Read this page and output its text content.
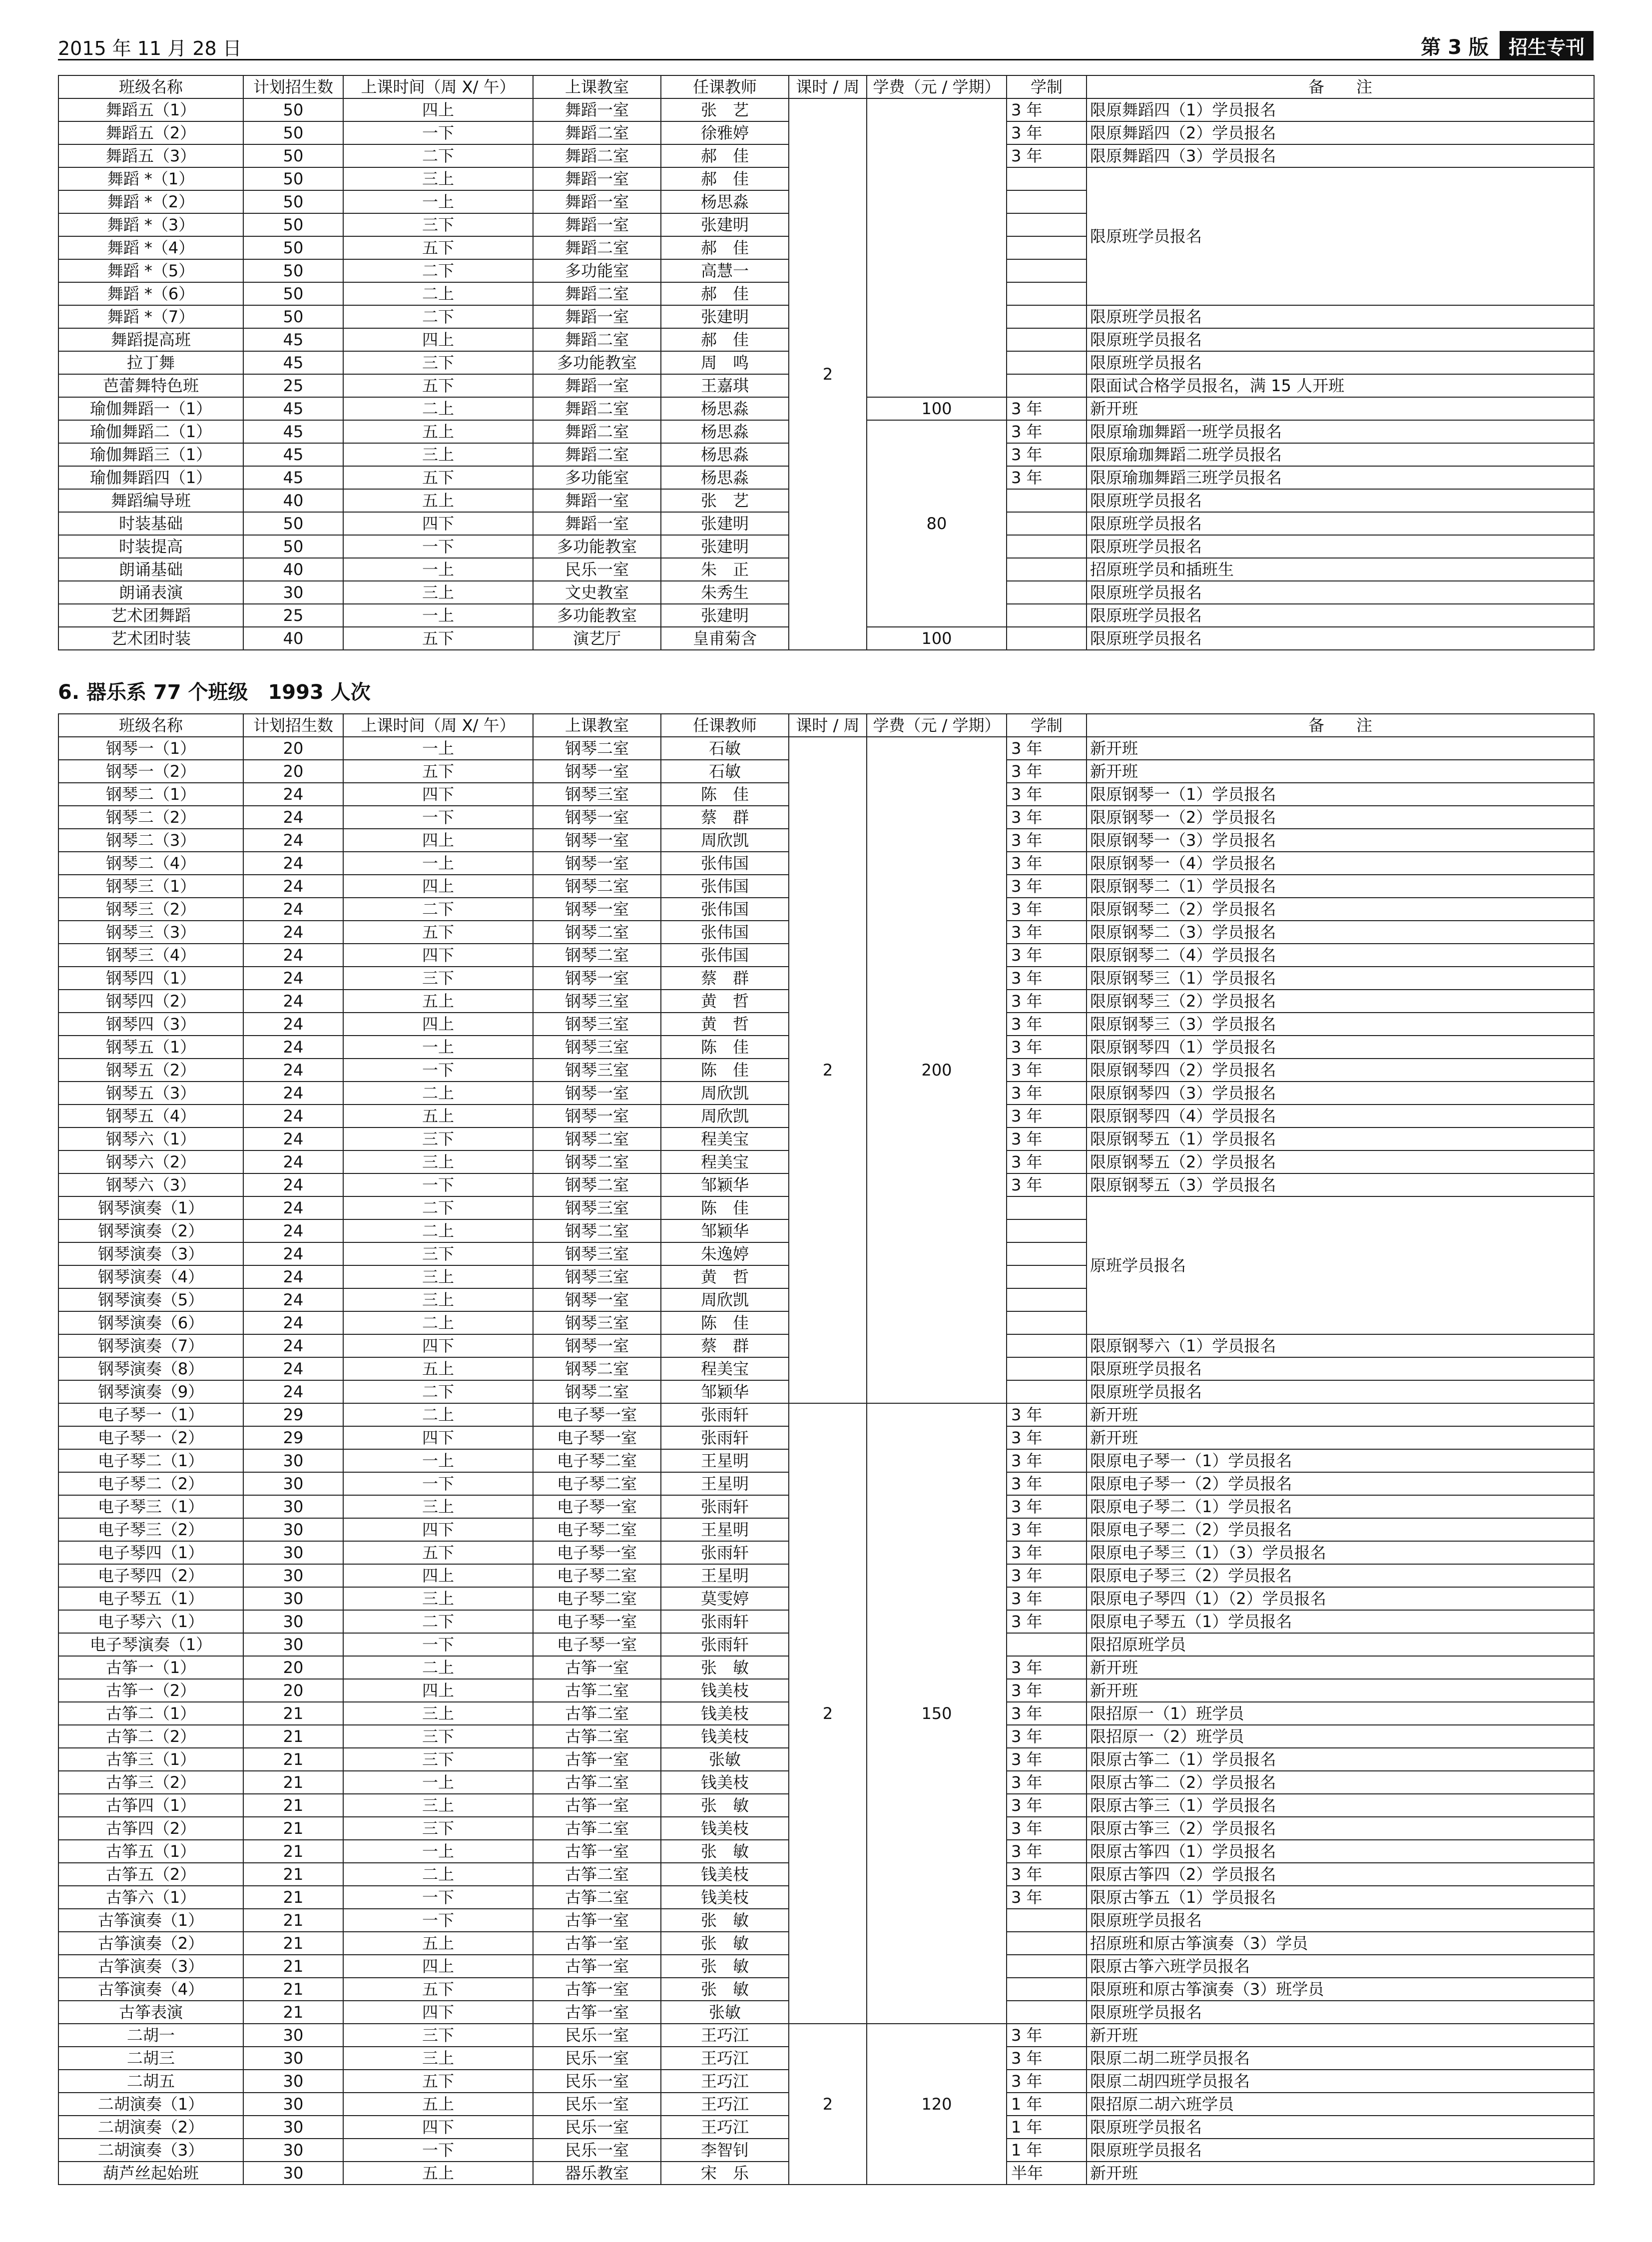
2015 年 11 月 28 日	第 3 版	招生专刊
班级名称	计划招生数	上课时间（周 X/ 午）	上课教室	任课教师	课时 / 周	学费（元 / 学期）	学制	备　　注
舞蹈五（1）	50	四上	舞蹈一室	张　艺	2		3 年	限原舞蹈四（1）学员报名
舞蹈五（2）	50	一下	舞蹈二室	徐雅婷			3 年	限原舞蹈四（2）学员报名
舞蹈五（3）	50	二下	舞蹈二室	郝　佳			3 年	限原舞蹈四（3）学员报名
舞蹈 *（1）	50	三上	舞蹈一室	郝　佳				限原班学员报名
舞蹈 *（2）	50	一上	舞蹈一室	杨思淼				
舞蹈 *（3）	50	三下	舞蹈一室	张建明				
舞蹈 *（4）	50	五下	舞蹈二室	郝　佳				
舞蹈 *（5）	50	二下	多功能室	高慧一				
舞蹈 *（6）	50	二上	舞蹈二室	郝　佳				
舞蹈 *（7）	50	二下	舞蹈一室	张建明				限原班学员报名
舞蹈提高班	45	四上	舞蹈二室	郝　佳				限原班学员报名
拉丁舞	45	三下	多功能教室	周　鸣				限原班学员报名
芭蕾舞特色班	25	五下	舞蹈一室	王嘉琪				限面试合格学员报名，满 15 人开班
瑜伽舞蹈一（1）	45	二上	舞蹈二室	杨思淼		100	3 年	新开班
瑜伽舞蹈二（1）	45	五上	舞蹈二室	杨思淼		80	3 年	限原瑜珈舞蹈一班学员报名
瑜伽舞蹈三（1）	45	三上	舞蹈二室	杨思淼			3 年	限原瑜珈舞蹈二班学员报名
瑜伽舞蹈四（1）	45	五下	多功能室	杨思淼			3 年	限原瑜珈舞蹈三班学员报名
舞蹈编导班	40	五上	舞蹈一室	张　艺				限原班学员报名
时装基础	50	四下	舞蹈一室	张建明				限原班学员报名
时装提高	50	一下	多功能教室	张建明				限原班学员报名
朗诵基础	40	一上	民乐一室	朱　正				招原班学员和插班生
朗诵表演	30	三上	文史教室	朱秀生				限原班学员报名
艺术团舞蹈	25	一上	多功能教室	张建明				限原班学员报名
艺术团时装	40	五下	演艺厅	皇甫菊含		100		限原班学员报名
6. 器乐系 77 个班级　1993 人次
班级名称	计划招生数	上课时间（周 X/ 午）	上课教室	任课教师	课时 / 周	学费（元 / 学期）	学制	备　　注
钢琴一（1）	20	一上	钢琴二室	石敏	2	200	3 年	新开班
钢琴一（2）	20	五下	钢琴一室	石敏			3 年	新开班
钢琴二（1）	24	四下	钢琴三室	陈　佳			3 年	限原钢琴一（1）学员报名
钢琴二（2）	24	一下	钢琴一室	蔡　群			3 年	限原钢琴一（2）学员报名
钢琴二（3）	24	四上	钢琴一室	周欣凯			3 年	限原钢琴一（3）学员报名
钢琴二（4）	24	一上	钢琴一室	张伟国			3 年	限原钢琴一（4）学员报名
钢琴三（1）	24	四上	钢琴二室	张伟国			3 年	限原钢琴二（1）学员报名
钢琴三（2）	24	二下	钢琴一室	张伟国			3 年	限原钢琴二（2）学员报名
钢琴三（3）	24	五下	钢琴二室	张伟国			3 年	限原钢琴二（3）学员报名
钢琴三（4）	24	四下	钢琴二室	张伟国			3 年	限原钢琴二（4）学员报名
钢琴四（1）	24	三下	钢琴一室	蔡　群			3 年	限原钢琴三（1）学员报名
钢琴四（2）	24	五上	钢琴三室	黄　哲			3 年	限原钢琴三（2）学员报名
钢琴四（3）	24	四上	钢琴三室	黄　哲			3 年	限原钢琴三（3）学员报名
钢琴五（1）	24	一上	钢琴三室	陈　佳			3 年	限原钢琴四（1）学员报名
钢琴五（2）	24	一下	钢琴三室	陈　佳			3 年	限原钢琴四（2）学员报名
钢琴五（3）	24	二上	钢琴一室	周欣凯			3 年	限原钢琴四（3）学员报名
钢琴五（4）	24	五上	钢琴一室	周欣凯			3 年	限原钢琴四（4）学员报名
钢琴六（1）	24	三下	钢琴二室	程美宝			3 年	限原钢琴五（1）学员报名
钢琴六（2）	24	三上	钢琴二室	程美宝			3 年	限原钢琴五（2）学员报名
钢琴六（3）	24	一下	钢琴二室	邹颖华			3 年	限原钢琴五（3）学员报名
钢琴演奏（1）	24	二下	钢琴三室	陈　佳				原班学员报名
钢琴演奏（2）	24	二上	钢琴二室	邹颖华				
钢琴演奏（3）	24	三下	钢琴三室	朱逸婷				
钢琴演奏（4）	24	三上	钢琴三室	黄　哲				
钢琴演奏（5）	24	三上	钢琴一室	周欣凯				
钢琴演奏（6）	24	二上	钢琴三室	陈　佳				
钢琴演奏（7）	24	四下	钢琴一室	蔡　群				限原钢琴六（1）学员报名
钢琴演奏（8）	24	五上	钢琴二室	程美宝				限原班学员报名
钢琴演奏（9）	24	二下	钢琴二室	邹颖华				限原班学员报名
电子琴一（1）	29	二上	电子琴一室	张雨轩	2	150	3 年	新开班
电子琴一（2）	29	四下	电子琴一室	张雨轩			3 年	新开班
电子琴二（1）	30	一上	电子琴二室	王星明			3 年	限原电子琴一（1）学员报名
电子琴二（2）	30	一下	电子琴二室	王星明			3 年	限原电子琴一（2）学员报名
电子琴三（1）	30	三上	电子琴一室	张雨轩			3 年	限原电子琴二（1）学员报名
电子琴三（2）	30	四下	电子琴二室	王星明			3 年	限原电子琴二（2）学员报名
电子琴四（1）	30	五下	电子琴一室	张雨轩			3 年	限原电子琴三（1）（3）学员报名
电子琴四（2）	30	四上	电子琴二室	王星明			3 年	限原电子琴三（2）学员报名
电子琴五（1）	30	三上	电子琴二室	莫雯婷			3 年	限原电子琴四（1）（2）学员报名
电子琴六（1）	30	二下	电子琴一室	张雨轩			3 年	限原电子琴五（1）学员报名
电子琴演奏（1）	30	一下	电子琴一室	张雨轩				限招原班学员
古筝一（1）	20	二上	古筝一室	张　敏			3 年	新开班
古筝一（2）	20	四上	古筝二室	钱美枝			3 年	新开班
古筝二（1）	21	三上	古筝二室	钱美枝			3 年	限招原一（1）班学员
古筝二（2）	21	三下	古筝二室	钱美枝			3 年	限招原一（2）班学员
古筝三（1）	21	三下	古筝一室	张敏			3 年	限原古筝二（1）学员报名
古筝三（2）	21	一上	古筝二室	钱美枝			3 年	限原古筝二（2）学员报名
古筝四（1）	21	三上	古筝一室	张　敏			3 年	限原古筝三（1）学员报名
古筝四（2）	21	三下	古筝二室	钱美枝			3 年	限原古筝三（2）学员报名
古筝五（1）	21	一上	古筝一室	张　敏			3 年	限原古筝四（1）学员报名
古筝五（2）	21	二上	古筝二室	钱美枝			3 年	限原古筝四（2）学员报名
古筝六（1）	21	一下	古筝二室	钱美枝			3 年	限原古筝五（1）学员报名
古筝演奏（1）	21	一下	古筝一室	张　敏				限原班学员报名
古筝演奏（2）	21	五上	古筝一室	张　敏				招原班和原古筝演奏（3）学员
古筝演奏（3）	21	四上	古筝一室	张　敏				限原古筝六班学员报名
古筝演奏（4）	21	五下	古筝一室	张　敏				限原班和原古筝演奏（3）班学员
古筝表演	21	四下	古筝一室	张敏				限原班学员报名
二胡一	30	三下	民乐一室	王巧江	2	120	3 年	新开班
二胡三	30	三上	民乐一室	王巧江			3 年	限原二胡二班学员报名
二胡五	30	五下	民乐一室	王巧江			3 年	限原二胡四班学员报名
二胡演奏（1）	30	五上	民乐一室	王巧江			1 年	限招原二胡六班学员
二胡演奏（2）	30	四下	民乐一室	王巧江			1 年	限原班学员报名
二胡演奏（3）	30	一下	民乐一室	李智钊			1 年	限原班学员报名
葫芦丝起始班	30	五上	器乐教室	宋　乐			半年	新开班
